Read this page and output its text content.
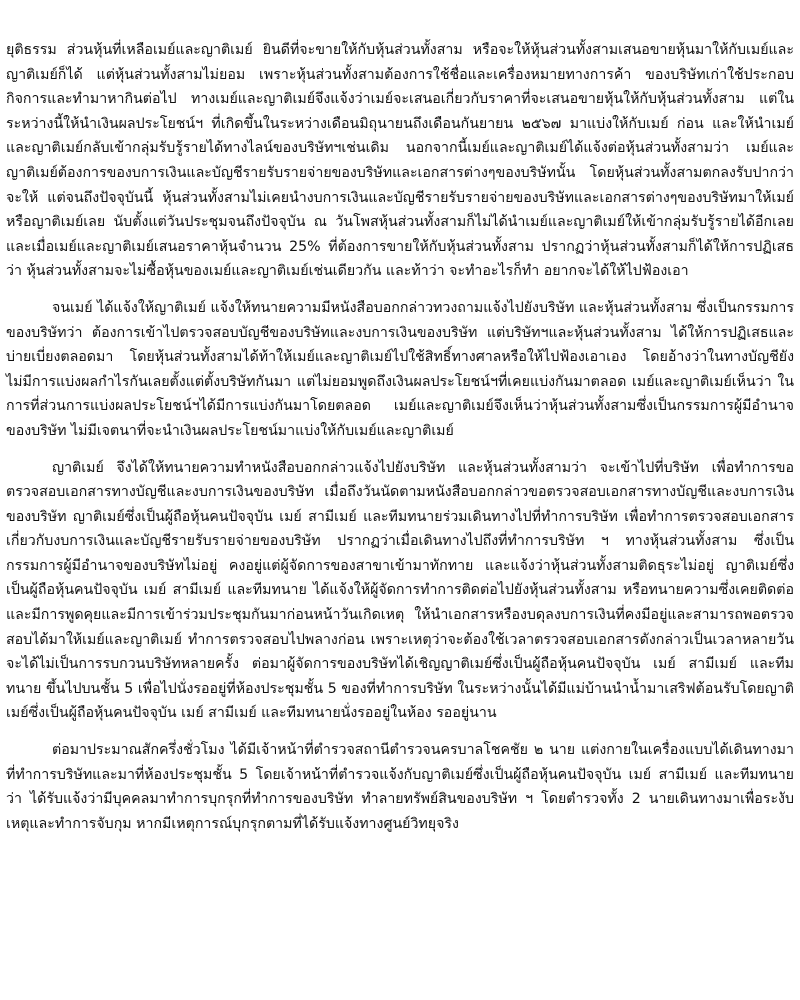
ยุติธรรม ส่วนหุ้นที่เหลือเมย์และญาติเมย์ ยินดีที่จะขายให้กับหุ้นส่วนทั้งสาม หรือจะให้หุ้นส่วนทั้งสามเสนอขายหุ้นมาให้กับเมย์และญาติเมย์ก็ได้ แต่หุ้นส่วนทั้งสามไม่ยอม เพราะหุ้นส่วนทั้งสามต้องการใช้ชื่อและเครื่องหมายทางการค้า ของบริษัทเก่าใช้ประกอบกิจการและทำมาหากินต่อไป ทางเมย์และญาติเมย์จึงแจ้งว่าเมย์จะเสนอเกี่ยวกับราคาที่จะเสนอขายหุ้นให้กับหุ้นส่วนทั้งสาม แต่ในระหว่างนี้ให้นำเงินผลประโยชน์ฯ ที่เกิดขึ้นในระหว่างเดือนมิถุนายนถึงเดือนกันยายน ๒๕๖๗ มาแบ่งให้กับเมย์ ก่อน และให้นำเมย์และญาติเมย์กลับเข้ากลุ่มรับรู้รายได้ทางไลน์ของบริษัทฯเช่นเดิม นอกจากนี้เมย์และญาติเมย์ได้แจ้งต่อหุ้นส่วนทั้งสามว่า เมย์และญาติเมย์ต้องการของบการเงินและบัญชีรายรับรายจ่ายของบริษัทและเอกสารต่างๆของบริษัทนั้น โดยหุ้นส่วนทั้งสามตกลงรับปากว่าจะให้ แต่จนถึงปัจจุบันนี้ หุ้นส่วนทั้งสามไม่เคยนำงบการเงินและบัญชีรายรับรายจ่ายของบริษัทและเอกสารต่างๆของบริษัทมาให้เมย์หรือญาติเมย์เลย นับตั้งแต่วันประชุมจนถึงปัจจุบัน ณ วันโพสหุ้นส่วนทั้งสามก็ไม่ได้นำเมย์และญาติเมย์ให้เข้ากลุ่มรับรู้รายได้อีกเลย และเมื่อเมย์และญาติเมย์เสนอราคาหุ้นจำนวน 25% ที่ต้องการขายให้กับหุ้นส่วนทั้งสาม ปรากฏว่าหุ้นส่วนทั้งสามก็ได้ให้การปฏิเสธว่า หุ้นส่วนทั้งสามจะไม่ซื้อหุ้นของเมย์และญาติเมย์เช่นเดียวกัน และท้าว่า จะทำอะไรก็ทำ อยากจะได้ให้ไปฟ้องเอา

จนเมย์ ได้แจ้งให้ญาติเมย์ แจ้งให้ทนายความมีหนังสือบอกกล่าวทวงถามแจ้งไปยังบริษัท และหุ้นส่วนทั้งสาม ซึ่งเป็นกรรมการของบริษัทว่า ต้องการเข้าไปตรวจสอบบัญชีของบริษัทและงบการเงินของบริษัท แต่บริษัทฯและหุ้นส่วนทั้งสาม ได้ให้การปฏิเสธและบ่ายเบี่ยงตลอดมา โดยหุ้นส่วนทั้งสามได้ท้าให้เมย์และญาติเมย์ไปใช้สิทธิ์ทางศาลหรือให้ไปฟ้องเอาเอง โดยอ้างว่าในทางบัญชียังไม่มีการแบ่งผลกำไรกันเลยตั้งแต่ตั้งบริษัทกันมา แต่ไม่ยอมพูดถึงเงินผลประโยชน์ฯที่เคยแบ่งกันมาตลอด เมย์และญาติเมย์เห็นว่า ในการที่ส่วนการแบ่งผลประโยชน์ฯได้มีการแบ่งกันมาโดยตลอด เมย์และญาติเมย์จึงเห็นว่าหุ้นส่วนทั้งสามซึ่งเป็นกรรมการผู้มีอำนาจของบริษัท ไม่มีเจตนาที่จะนำเงินผลประโยชน์มาแบ่งให้กับเมย์และญาติเมย์

ญาติเมย์ จึงได้ให้ทนายความทำหนังสือบอกกล่าวแจ้งไปยังบริษัท และหุ้นส่วนทั้งสามว่า จะเข้าไปที่บริษัท เพื่อทำการขอตรวจสอบเอกสารทางบัญชีและงบการเงินของบริษัท เมื่อถึงวันนัดตามหนังสือบอกกล่าวขอตรวจสอบเอกสารทางบัญชีและงบการเงินของบริษัท ญาติเมย์ซึ่งเป็นผู้ถือหุ้นคนปัจจุบัน เมย์ สามีเมย์ และทีมทนายร่วมเดินทางไปที่ทำการบริษัท เพื่อทำการตรวจสอบเอกสารเกี่ยวกับงบการเงินและบัญชีรายรับรายจ่ายของบริษัท ปรากฏว่าเมื่อเดินทางไปถึงที่ทำการบริษัท ฯ ทางหุ้นส่วนทั้งสาม ซึ่งเป็นกรรมการผู้มีอำนาจของบริษัทไม่อยู่ คงอยู่แต่ผู้จัดการของสาขาเข้ามาทักทาย และแจ้งว่าหุ้นส่วนทั้งสามติดธุระไม่อยู่ ญาติเมย์ซึ่งเป็นผู้ถือหุ้นคนปัจจุบัน เมย์ สามีเมย์ และทีมทนาย ได้แจ้งให้ผู้จัดการทำการติดต่อไปยังหุ้นส่วนทั้งสาม หรือทนายความซึ่งเคยติดต่อและมีการพูดคุยและมีการเข้าร่วมประชุมกันมาก่อนหน้าวันเกิดเหตุ ให้นำเอกสารหรืองบดุลงบการเงินที่คงมีอยู่และสามารถพอตรวจสอบได้มาให้เมย์และญาติเมย์ ทำการตรวจสอบไปพลางก่อน เพราะเหตุว่าจะต้องใช้เวลาตรวจสอบเอกสารดังกล่าวเป็นเวลาหลายวัน จะได้ไม่เป็นการรบกวนบริษัทหลายครั้ง ต่อมาผู้จัดการของบริษัทได้เชิญญาติเมย์ซึ่งเป็นผู้ถือหุ้นคนปัจจุบัน เมย์ สามีเมย์ และทีมทนาย ขึ้นไปบนชั้น 5 เพื่อไปนั่งรออยู่ที่ห้องประชุมชั้น 5 ของที่ทำการบริษัท ในระหว่างนั้นได้มีแม่บ้านนำน้ำมาเสริฟต้อนรับโดยญาติเมย์ซึ่งเป็นผู้ถือหุ้นคนปัจจุบัน เมย์ สามีเมย์ และทีมทนายนั่งรออยู่ในห้อง รออยู่นาน

ต่อมาประมาณสักครึ่งชั่วโมง ได้มีเจ้าหน้าที่ตำรวจสถานีตำรวจนครบาลโชคชัย ๒ นาย แต่งกายในเครื่องแบบได้เดินทางมาที่ทำการบริษัทและมาที่ห้องประชุมชั้น 5 โดยเจ้าหน้าที่ตำรวจแจ้งกับญาติเมย์ซึ่งเป็นผู้ถือหุ้นคนปัจจุบัน เมย์ สามีเมย์ และทีมทนายว่า ได้รับแจ้งว่ามีบุคคลมาทำการบุกรุกที่ทำการของบริษัท ทำลายทรัพย์สินของบริษัท ฯ โดยตำรวจทั้ง 2 นายเดินทางมาเพื่อระงับเหตุและทำการจับกุม หากมีเหตุการณ์บุกรุกตามที่ได้รับแจ้งทางศูนย์วิทยุจริง
